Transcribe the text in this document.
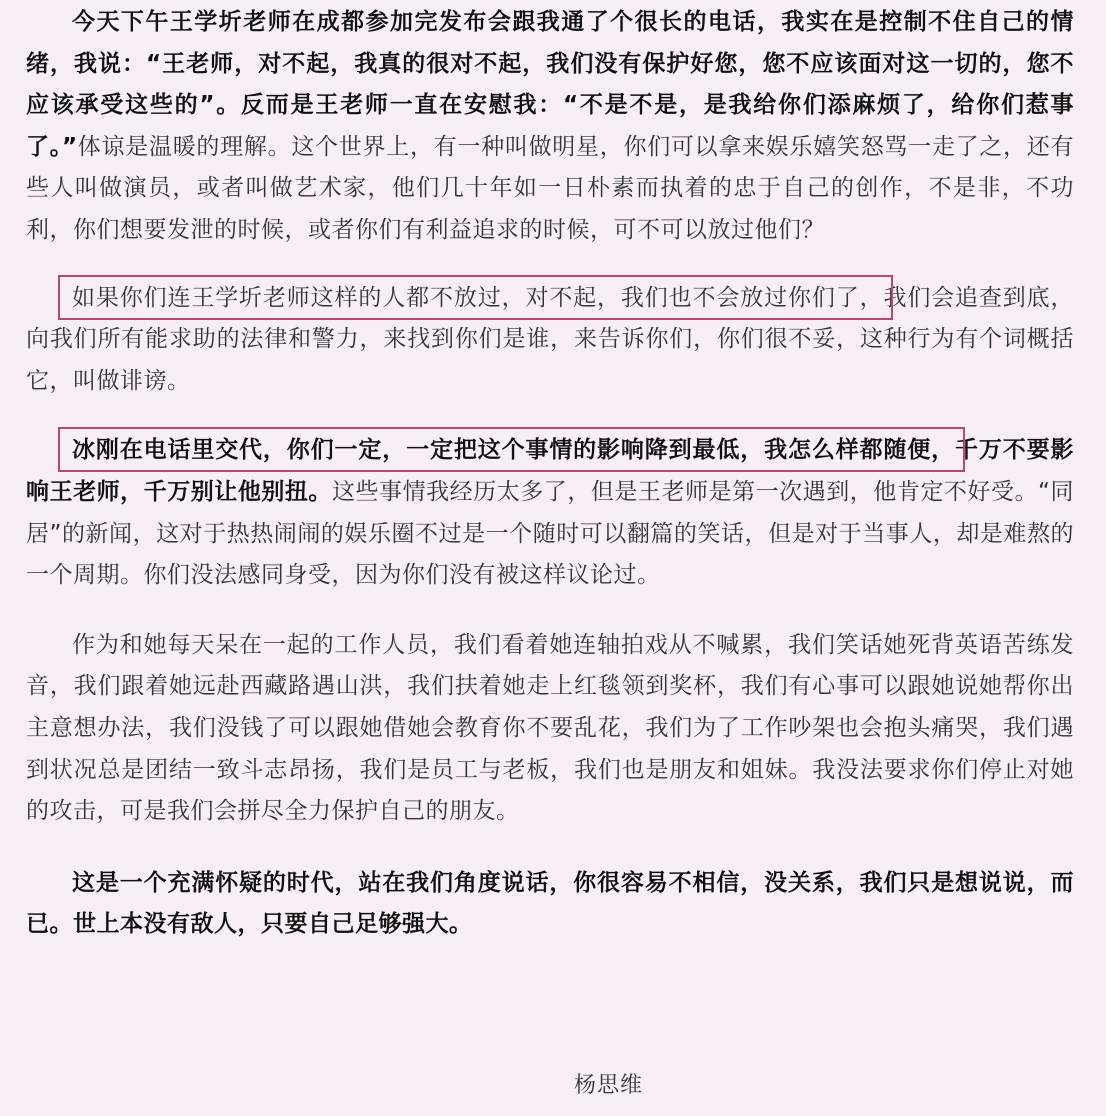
今天下午王学圻老师在成都参加完发布会跟我通了个很长的电话，我实在是控制不住自己的情绪，我说：“王老师，对不起，我真的很对不起，我们没有保护好您，您不应该面对这一切的，您不应该承受这些的”。反而是王老师一直在安慰我：“不是不是，是我给你们添麻烦了，给你们惹事了。”体谅是温暖的理解。这个世界上，有一种叫做明星，你们可以拿来娱乐嬉笑怒骂一走了之，还有些人叫做演员，或者叫做艺术家，他们几十年如一日朴素而执着的忠于自己的创作，不是非，不功利，你们想要发泄的时候，或者你们有利益追求的时候，可不可以放过他们？

如果你们连王学圻老师这样的人都不放过，对不起，我们也不会放过你们了，我们会追查到底，向我们所有能求助的法律和警力，来找到你们是谁，来告诉你们，你们很不妥，这种行为有个词概括它，叫做诽谤。

冰刚在电话里交代，你们一定，一定把这个事情的影响降到最低，我怎么样都随便，千万不要影响王老师，千万别让他别扭。这些事情我经历太多了，但是王老师是第一次遇到，他肯定不好受。“同居”的新闻，这对于热热闹闹的娱乐圈不过是一个随时可以翻篇的笑话，但是对于当事人，却是难熬的一个周期。你们没法感同身受，因为你们没有被这样议论过。

作为和她每天呆在一起的工作人员，我们看着她连轴拍戏从不喊累，我们笑话她死背英语苦练发音，我们跟着她远赴西藏路遇山洪，我们扶着她走上红毯领到奖杯，我们有心事可以跟她说她帮你出主意想办法，我们没钱了可以跟她借她会教育你不要乱花，我们为了工作吵架也会抱头痛哭，我们遇到状况总是团结一致斗志昂扬，我们是员工与老板，我们也是朋友和姐妹。我没法要求你们停止对她的攻击，可是我们会拼尽全力保护自己的朋友。

这是一个充满怀疑的时代，站在我们角度说话，你很容易不相信，没关系，我们只是想说说，而已。世上本没有敌人，只要自己足够强大。

杨思维
